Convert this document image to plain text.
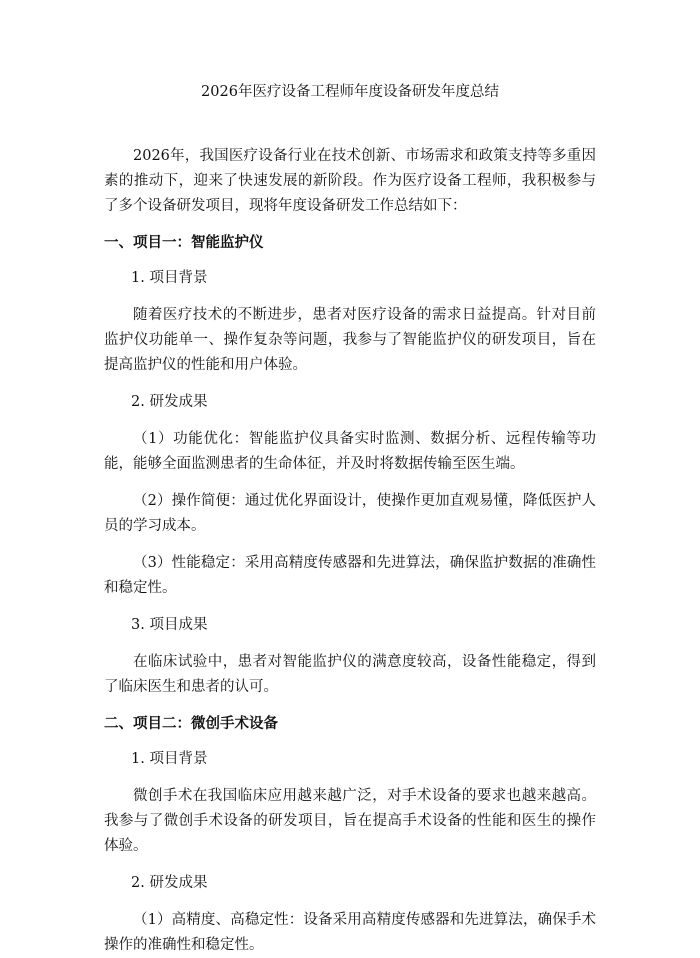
2026年医疗设备工程师年度设备研发年度总结

2026年，我国医疗设备行业在技术创新、市场需求和政策支持等多重因素的推动下，迎来了快速发展的新阶段。作为医疗设备工程师，我积极参与了多个设备研发项目，现将年度设备研发工作总结如下：

一、项目一：智能监护仪

1. 项目背景

随着医疗技术的不断进步，患者对医疗设备的需求日益提高。针对目前监护仪功能单一、操作复杂等问题，我参与了智能监护仪的研发项目，旨在提高监护仪的性能和用户体验。

2. 研发成果

（1）功能优化：智能监护仪具备实时监测、数据分析、远程传输等功能，能够全面监测患者的生命体征，并及时将数据传输至医生端。

（2）操作简便：通过优化界面设计，使操作更加直观易懂，降低医护人员的学习成本。

（3）性能稳定：采用高精度传感器和先进算法，确保监护数据的准确性和稳定性。

3. 项目成果

在临床试验中，患者对智能监护仪的满意度较高，设备性能稳定，得到了临床医生和患者的认可。

二、项目二：微创手术设备

1. 项目背景

微创手术在我国临床应用越来越广泛，对手术设备的要求也越来越高。我参与了微创手术设备的研发项目，旨在提高手术设备的性能和医生的操作体验。

2. 研发成果

（1）高精度、高稳定性：设备采用高精度传感器和先进算法，确保手术操作的准确性和稳定性。
